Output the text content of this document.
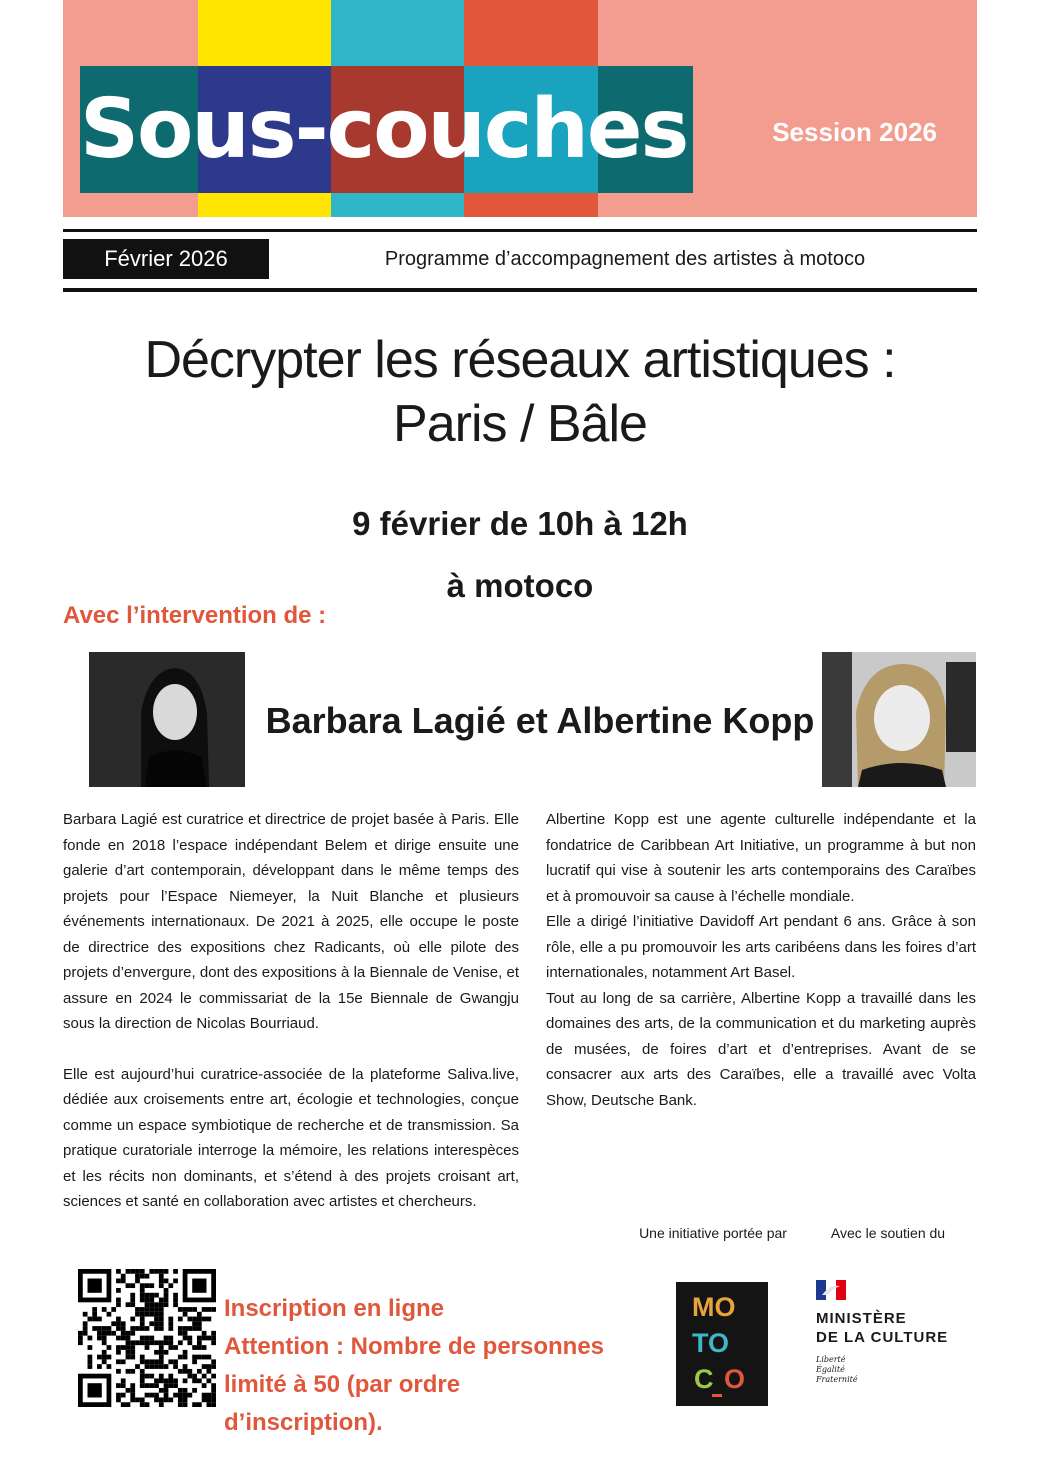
Sous-couches	Session 2026
Février 2026	Programme d’accompagnement des artistes à motoco
Décrypter les réseaux artistiques :
Paris / Bâle
9 février de 10h à 12h
à motoco
Avec l’intervention de :
Barbara Lagié et Albertine Kopp

Barbara Lagié est curatrice et directrice de projet basée à Paris. Elle fonde en 2018 l’espace indépendant Belem et dirige ensuite une galerie d’art contemporain, développant dans le même temps des projets pour l’Espace Niemeyer, la Nuit Blanche et plusieurs événements internationaux. De 2021 à 2025, elle occupe le poste de directrice des expositions chez Radicants, où elle pilote des projets d’envergure, dont des expositions à la Biennale de Venise, et assure en 2024 le commissariat de la 15e Biennale de Gwangju sous la direction de Nicolas Bourriaud.

Elle est aujourd’hui curatrice-associée de la plateforme Saliva.live, dédiée aux croisements entre art, écologie et technologies, conçue comme un espace symbiotique de recherche et de transmission. Sa pratique curatoriale interroge la mémoire, les relations interespèces et les récits non dominants, et s’étend à des projets croisant art, sciences et santé en collaboration avec artistes et chercheurs.

Albertine Kopp est une agente culturelle indépendante et la fondatrice de Caribbean Art Initiative, un programme à but non lucratif qui vise à soutenir les arts contemporains des Caraïbes et à promouvoir sa cause à l’échelle mondiale.

Elle a dirigé l’initiative Davidoff Art pendant 6 ans. Grâce à son rôle, elle a pu promouvoir les arts caribéens dans les foires d’art internationales, notamment Art Basel.

Tout au long de sa carrière, Albertine Kopp a travaillé dans les domaines des arts, de la communication et du marketing auprès de musées, de foires d’art et d’entreprises. Avant de se consacrer aux arts des Caraïbes, elle a travaillé avec Volta Show, Deutsche Bank.

Inscription en ligne
Attention : Nombre de personnes
limité à 50 (par ordre d’inscription).
Une initiative portée par	Avec le soutien du
MO
TO
C O
MINISTÈRE
DE LA CULTURE
Liberté
Égalité
Fraternité
